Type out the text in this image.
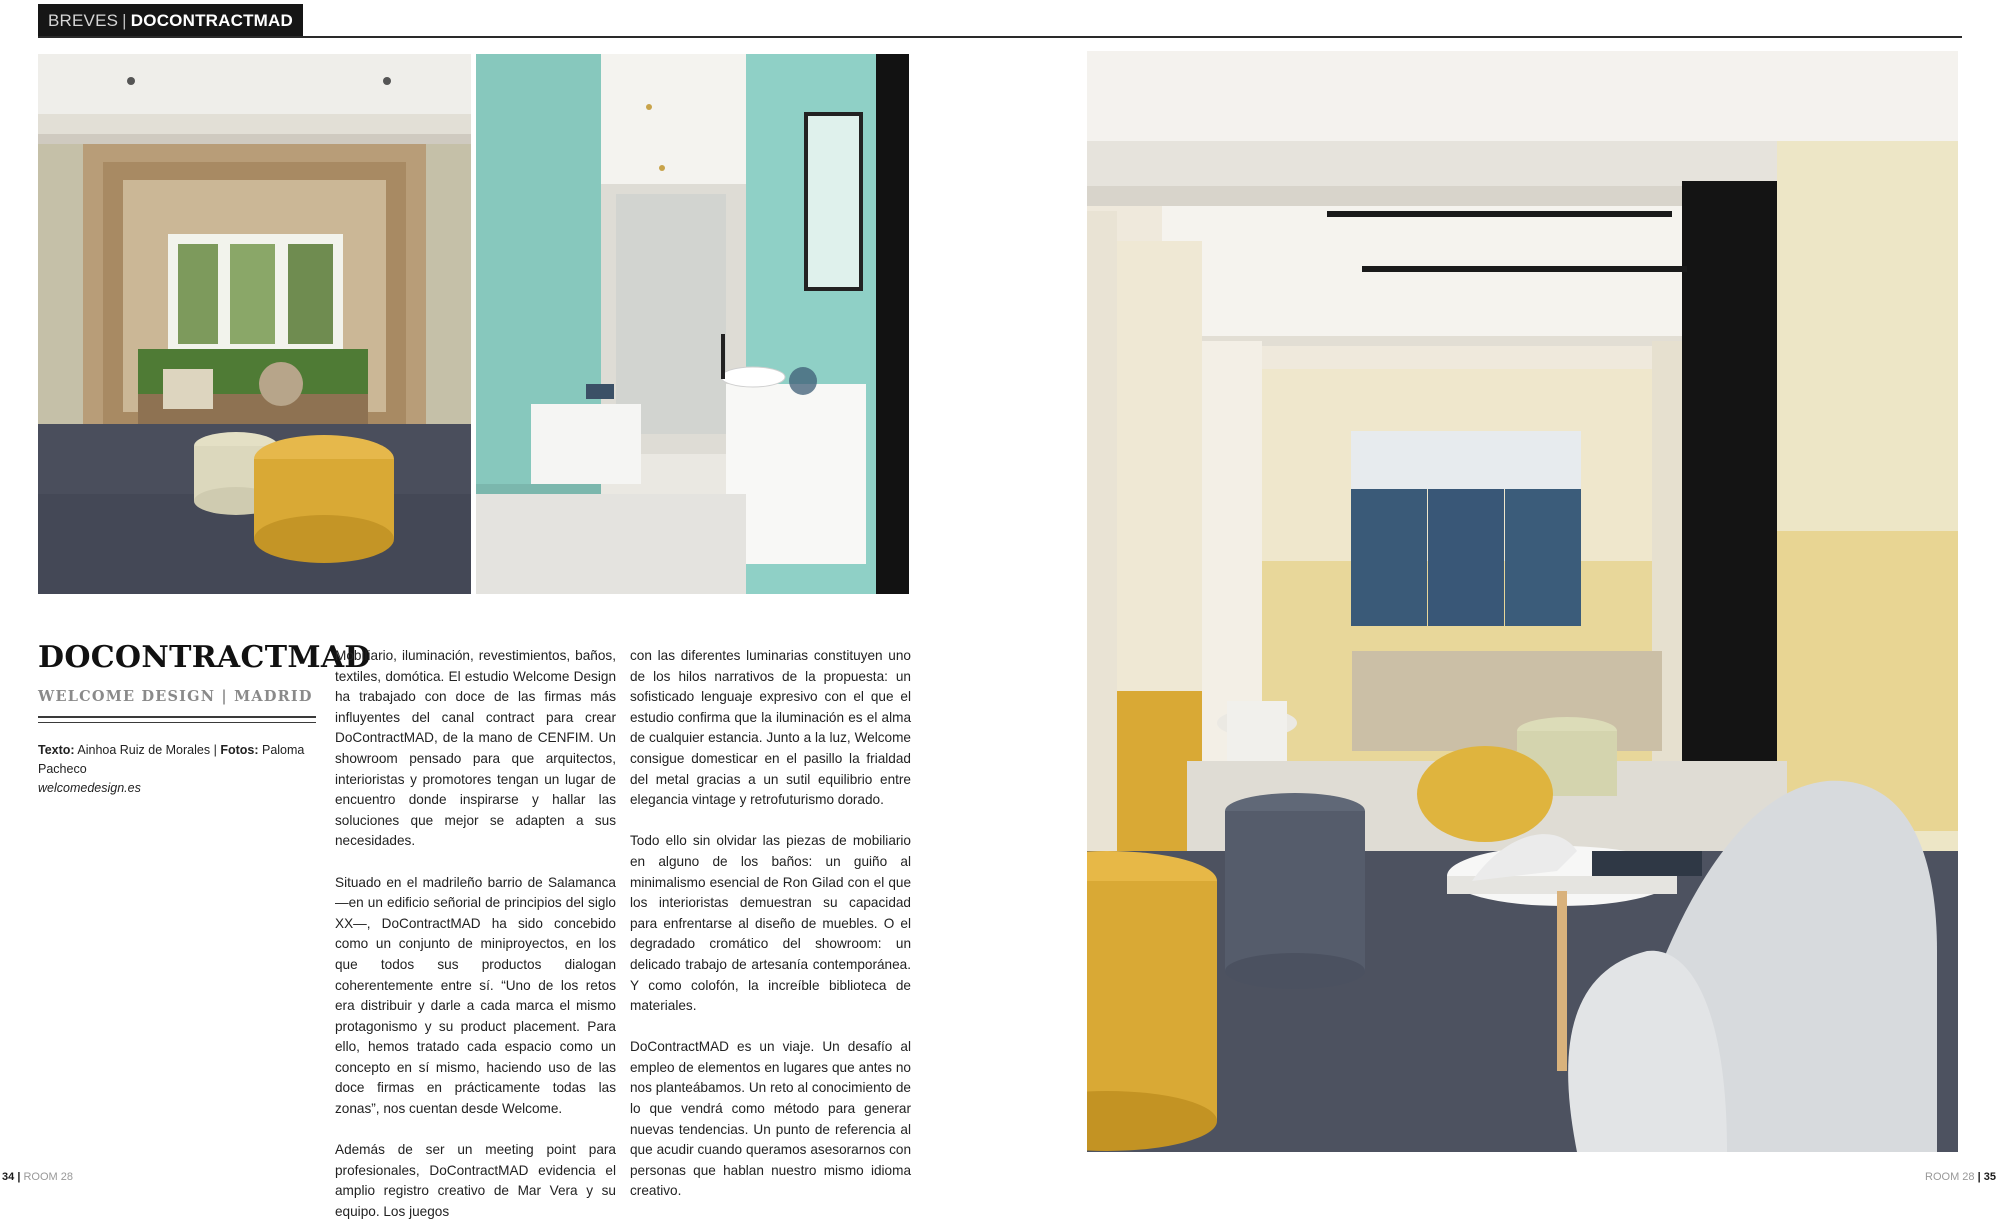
BREVES | DOCONTRACTMAD
DOCONTRACTMAD
WELCOME DESIGN | MADRID
Texto: Ainhoa Ruiz de Morales | Fotos: Paloma Pacheco
welcomedesign.es

Mobiliario, iluminación, revestimientos, baños, textiles, domótica. El estudio Welcome Design ha trabajado con doce de las firmas más influyentes del canal contract para crear DoContractMAD, de la mano de CENFIM. Un showroom pensado para que arquitectos, interioristas y promotores tengan un lugar de encuentro donde inspirarse y hallar las soluciones que mejor se adapten a sus necesidades.

Situado en el madrileño barrio de Salamanca —en un edificio señorial de principios del siglo XX—, DoContractMAD ha sido concebido como un conjunto de miniproyectos, en los que todos sus productos dialogan coherentemente entre sí. “Uno de los retos era distribuir y darle a cada marca el mismo protagonismo y su product placement. Para ello, hemos tratado cada espacio como un concepto en sí mismo, haciendo uso de las doce firmas en prácticamente todas las zonas”, nos cuentan desde Welcome.

Además de ser un meeting point para profesionales, DoContractMAD evidencia el amplio registro creativo de Mar Vera y su equipo. Los juegos

con las diferentes luminarias constituyen uno de los hilos narrativos de la propuesta: un sofisticado lenguaje expresivo con el que el estudio confirma que la iluminación es el alma de cualquier estancia. Junto a la luz, Welcome consigue domesticar en el pasillo la frialdad del metal gracias a un sutil equilibrio entre elegancia vintage y retrofuturismo dorado.

Todo ello sin olvidar las piezas de mobiliario en alguno de los baños: un guiño al minimalismo esencial de Ron Gilad con el que los interioristas demuestran su capacidad para enfrentarse al diseño de muebles. O el degradado cromático del showroom: un delicado trabajo de artesanía contemporánea. Y como colofón, la increíble biblioteca de materiales.

DoContractMAD es un viaje. Un desafío al empleo de elementos en lugares que antes no nos planteábamos. Un reto al conocimiento de lo que vendrá como método para generar nuevas tendencias. Un punto de referencia al que acudir cuando queramos asesorarnos con personas que hablan nuestro mismo idioma creativo.

34 | ROOM 28	ROOM 28 | 35
